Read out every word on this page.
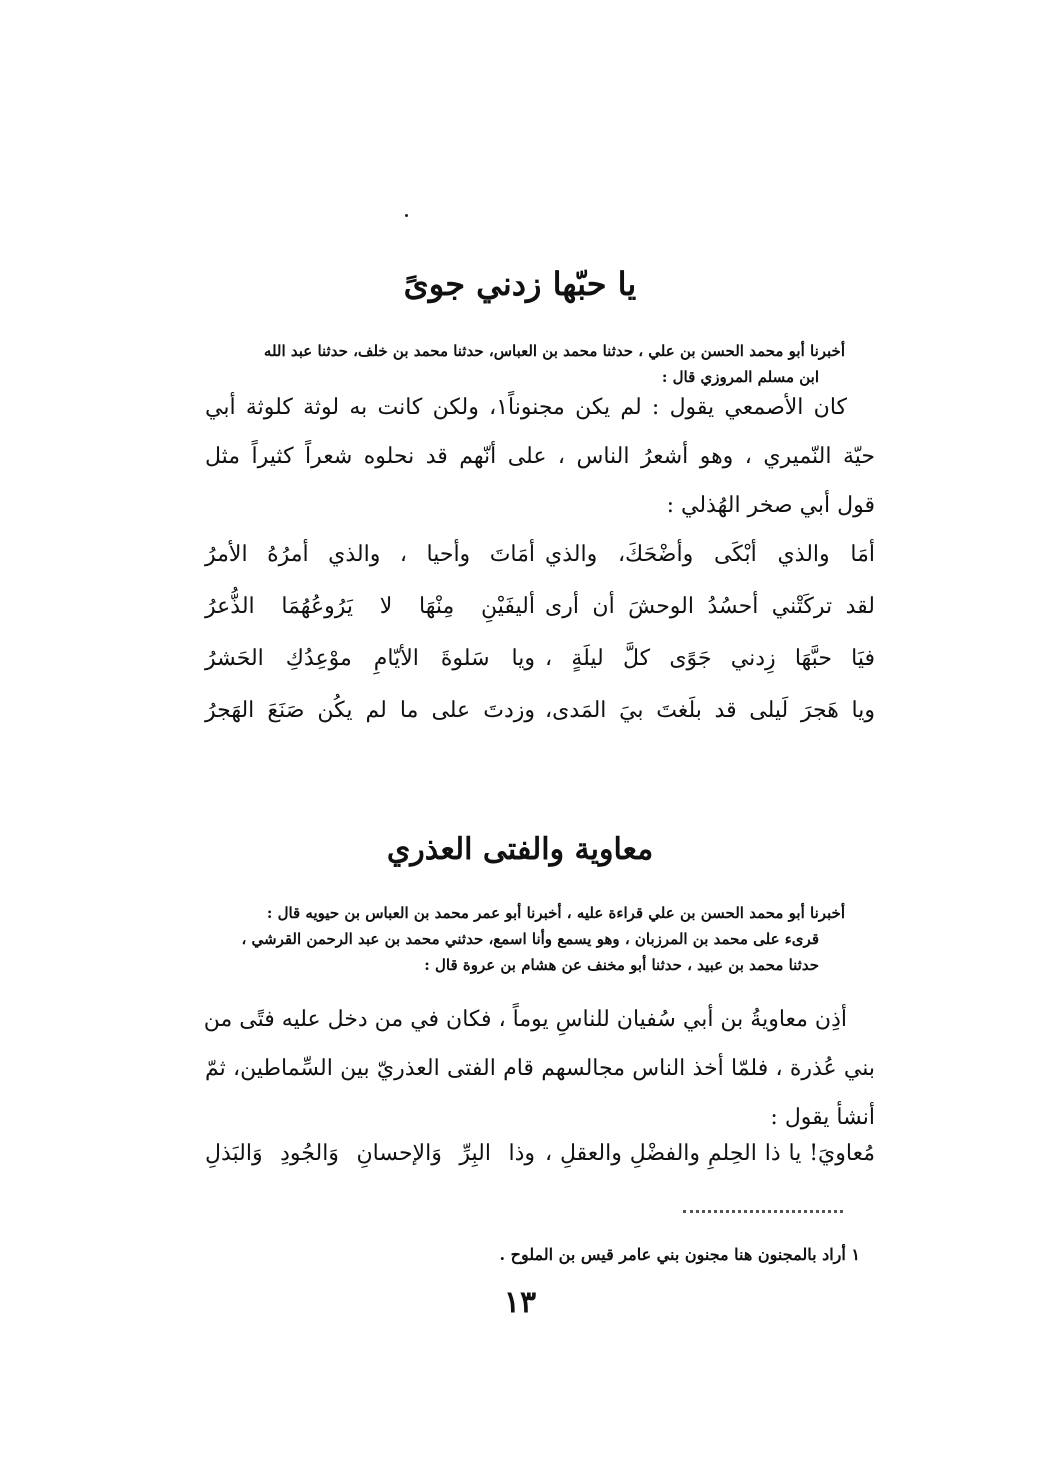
يا حبّها زدني جوىً
أخبرنا أبو محمد الحسن بن علي ، حدثنا محمد بن العباس، حدثنا محمد بن خلف، حدثنا عبد الله
ابن مسلم المروزي قال :
كان الأصمعي يقول : لم يكن مجنوناً١، ولكن كانت به لوثة كلوثة أبي
حيّة النّميري ، وهو أشعرُ الناس ، على أنّهم قد نحلوه شعراً كثيراً مثل
قول أبي صخر الهُذلي :
أمَا والذي أبْكَى وأضْحَكَ، والذي
أمَاتَ وأحيا ، والذي أمرُهُ الأمرُ
لقد تركَتْني أحسُدُ الوحشَ أن أرى
أليفَيْنِ مِنْهَا لا يَرُوعُهُمَا الذُّعرُ
فيَا حبَّهَا زِدني جَوًى كلَّ ليلَةٍ ،
ويا سَلوةَ الأيّامِ موْعِدُكِ الحَشرُ
ويا هَجرَ لَيلى قد بلَغتَ بيَ المَدى،
وزدتَ على ما لم يكُن صَنَعَ الهَجرُ
معاوية والفتى العذري
أخبرنا أبو محمد الحسن بن علي قراءة عليه ، أخبرنا أبو عمر محمد بن العباس بن حيويه قال :
قرىء على محمد بن المرزبان ، وهو يسمع وأنا اسمع، حدثني محمد بن عبد الرحمن القرشي ،
حدثنا محمد بن عبيد ، حدثنا أبو مخنف عن هشام بن عروة قال :
أذِن معاويةُ بن أبي سُفيان للناسِ يوماً ، فكان في من دخل عليه فتًى من
بني عُذرة ، فلمّا أخذ الناس مجالسهم قام الفتى العذريّ بين السِّماطين، ثمّ
أنشأ يقول :
مُعاويَ! يا ذا الحِلمِ والفضْلِ والعقلِ ،
وذا البِرِّ وَالإحسانِ وَالجُودِ وَالبَذلِ
١ أراد بالمجنون هنا مجنون بني عامر قيس بن الملوح .
١٣
